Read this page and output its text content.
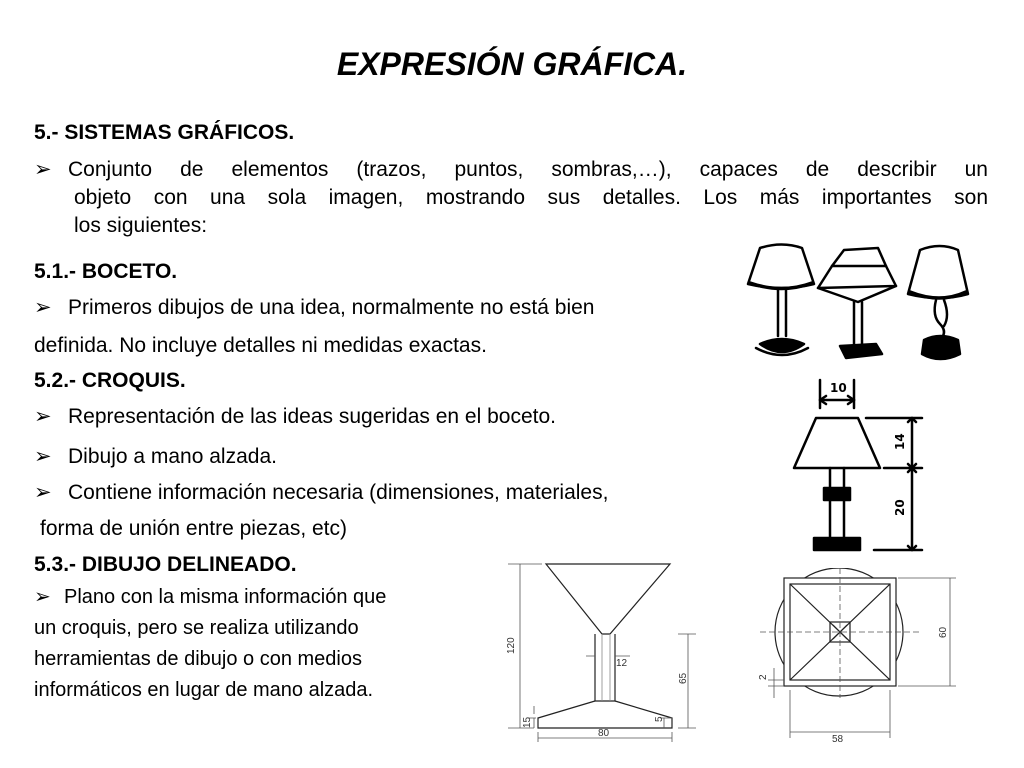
EXPRESIÓN GRÁFICA.
5.- SISTEMAS GRÁFICOS.
➢ Conjunto de elementos (trazos, puntos, sombras,…), capaces de describir un
objeto con una sola imagen, mostrando sus detalles. Los más importantes son
los siguientes:
5.1.- BOCETO.
➢ Primeros dibujos de una idea, normalmente no está bien
definida. No incluye detalles ni medidas exactas.
5.2.- CROQUIS.
➢ Representación de las ideas sugeridas en el boceto.
➢ Dibujo a mano alzada.
➢ Contiene información necesaria (dimensiones, materiales,
forma de unión entre piezas, etc)
5.3.- DIBUJO DELINEADO.
➢ Plano con la misma información que
un croquis, pero se realiza utilizando
herramientas de dibujo o con medios
informáticos en lugar de mano alzada.
10
14
20
120
12
65
15	5
80
60
2
58
